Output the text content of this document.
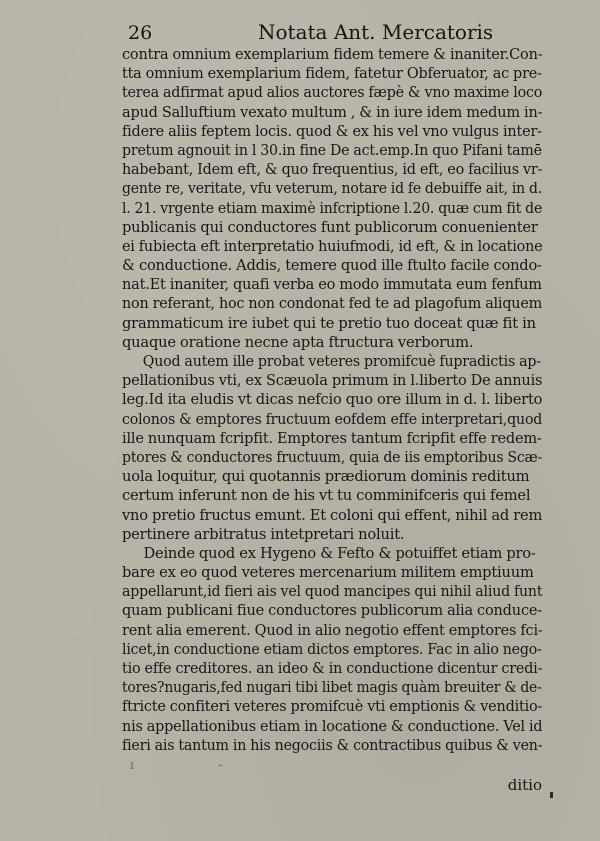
26	Notata Ant. Mercatoris
contra omnium exemplarium fidem temere & inaniter.Con-
tta omnium exemplarium fidem, fatetur Obferuator, ac pre-
terea adfirmat apud alios auctores fæpè & vno maxime loco
apud Salluftium vexato multum , & in iure idem medum in-
fidere aliis feptem locis. quod & ex his vel vno vulgus inter-
pretum agnouit in l 30.in fine De act.emp.In quo Pifani tamē
habebant, Idem eft, & quo frequentius, id eft, eo facilius vr-
gente re, veritate, vfu veterum, notare id fe debuiffe ait, in d.
l. 21. vrgente etiam maximè infcriptione l.20. quæ cum fit de
publicanis qui conductores funt publicorum conuenienter
ei fubiecta eft interpretatio huiufmodi, id eft, & in locatione
& conductione. Addis, temere quod ille ftulto facile condo-
nat.Et inaniter, quafi verba eo modo immutata eum fenfum
non referant, hoc non condonat fed te ad plagofum aliquem
grammaticum ire iubet qui te pretio tuo doceat quæ fit in
quaque oratione necne apta ftructura verborum.
Quod autem ille probat veteres promifcuè fupradictis ap-
pellationibus vti, ex Scæuola primum in l.liberto De annuis
leg.Id ita eludis vt dicas nefcio quo ore illum in d. l. liberto
colonos & emptores fructuum eofdem effe interpretari,quod
ille nunquam fcripfit. Emptores tantum fcripfit effe redem-
ptores & conductores fructuum, quia de iis emptoribus Scæ-
uola loquitur, qui quotannis prædiorum dominis reditum
certum inferunt non de his vt tu comminifceris qui femel
vno pretio fructus emunt. Et coloni qui effent, nihil ad rem
pertinere arbitratus intetpretari noluit.
Deinde quod ex Hygeno & Fefto & potuiffet etiam pro-
bare ex eo quod veteres mercenarium militem emptiuum
appellarunt,id fieri ais vel quod mancipes qui nihil aliud funt
quam publicani fiue conductores publicorum alia conduce-
rent alia emerent. Quod in alio negotio effent emptores fci-
licet,in conductione etiam dictos emptores. Fac in alio nego-
tio effe creditores. an ideo & in conductione dicentur credi-
tores?nugaris,fed nugari tibi libet magis quàm breuiter & de-
ftricte confiteri veteres promifcuè vti emptionis & venditio-
nis appellationibus etiam in locatione & conductione. Vel id
fieri ais tantum in his negociis & contractibus quibus & ven-
ı -
ditio
